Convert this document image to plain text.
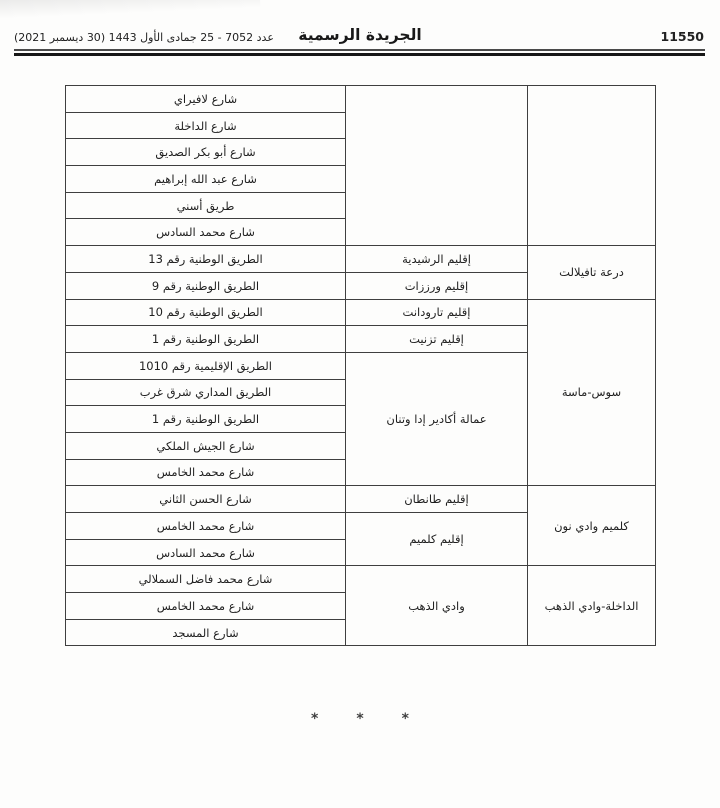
عدد 7052 - 25 جمادى الأول 1443 (30 ديسمبر 2021) الجريدة الرسمية	11550
		شارع لافيراي
		شارع الداخلة
		شارع أبو بكر الصديق
		شارع عبد الله إبراهيم
		طريق أسني
		شارع محمد السادس
درعة تافيلالت	إقليم الرشيدية	الطريق الوطنية رقم 13
	إقليم ورززات	الطريق الوطنية رقم 9
سوس-ماسة	إقليم تارودانت	الطريق الوطنية رقم 10
	إقليم تزنيت	الطريق الوطنية رقم 1
	عمالة أكادير إدا وتنان	الطريق الإقليمية رقم 1010
		الطريق المداري شرق غرب
		الطريق الوطنية رقم 1
		شارع الجيش الملكي
		شارع محمد الخامس
كلميم وادي نون	إقليم طانطان	شارع الحسن الثاني
	إقليم كلميم	شارع محمد الخامس
		شارع محمد السادس
الداخلة-وادي الذهب	وادي الذهب	شارع محمد فاضل السملالي
		شارع محمد الخامس
		شارع المسجد
*	*	*
